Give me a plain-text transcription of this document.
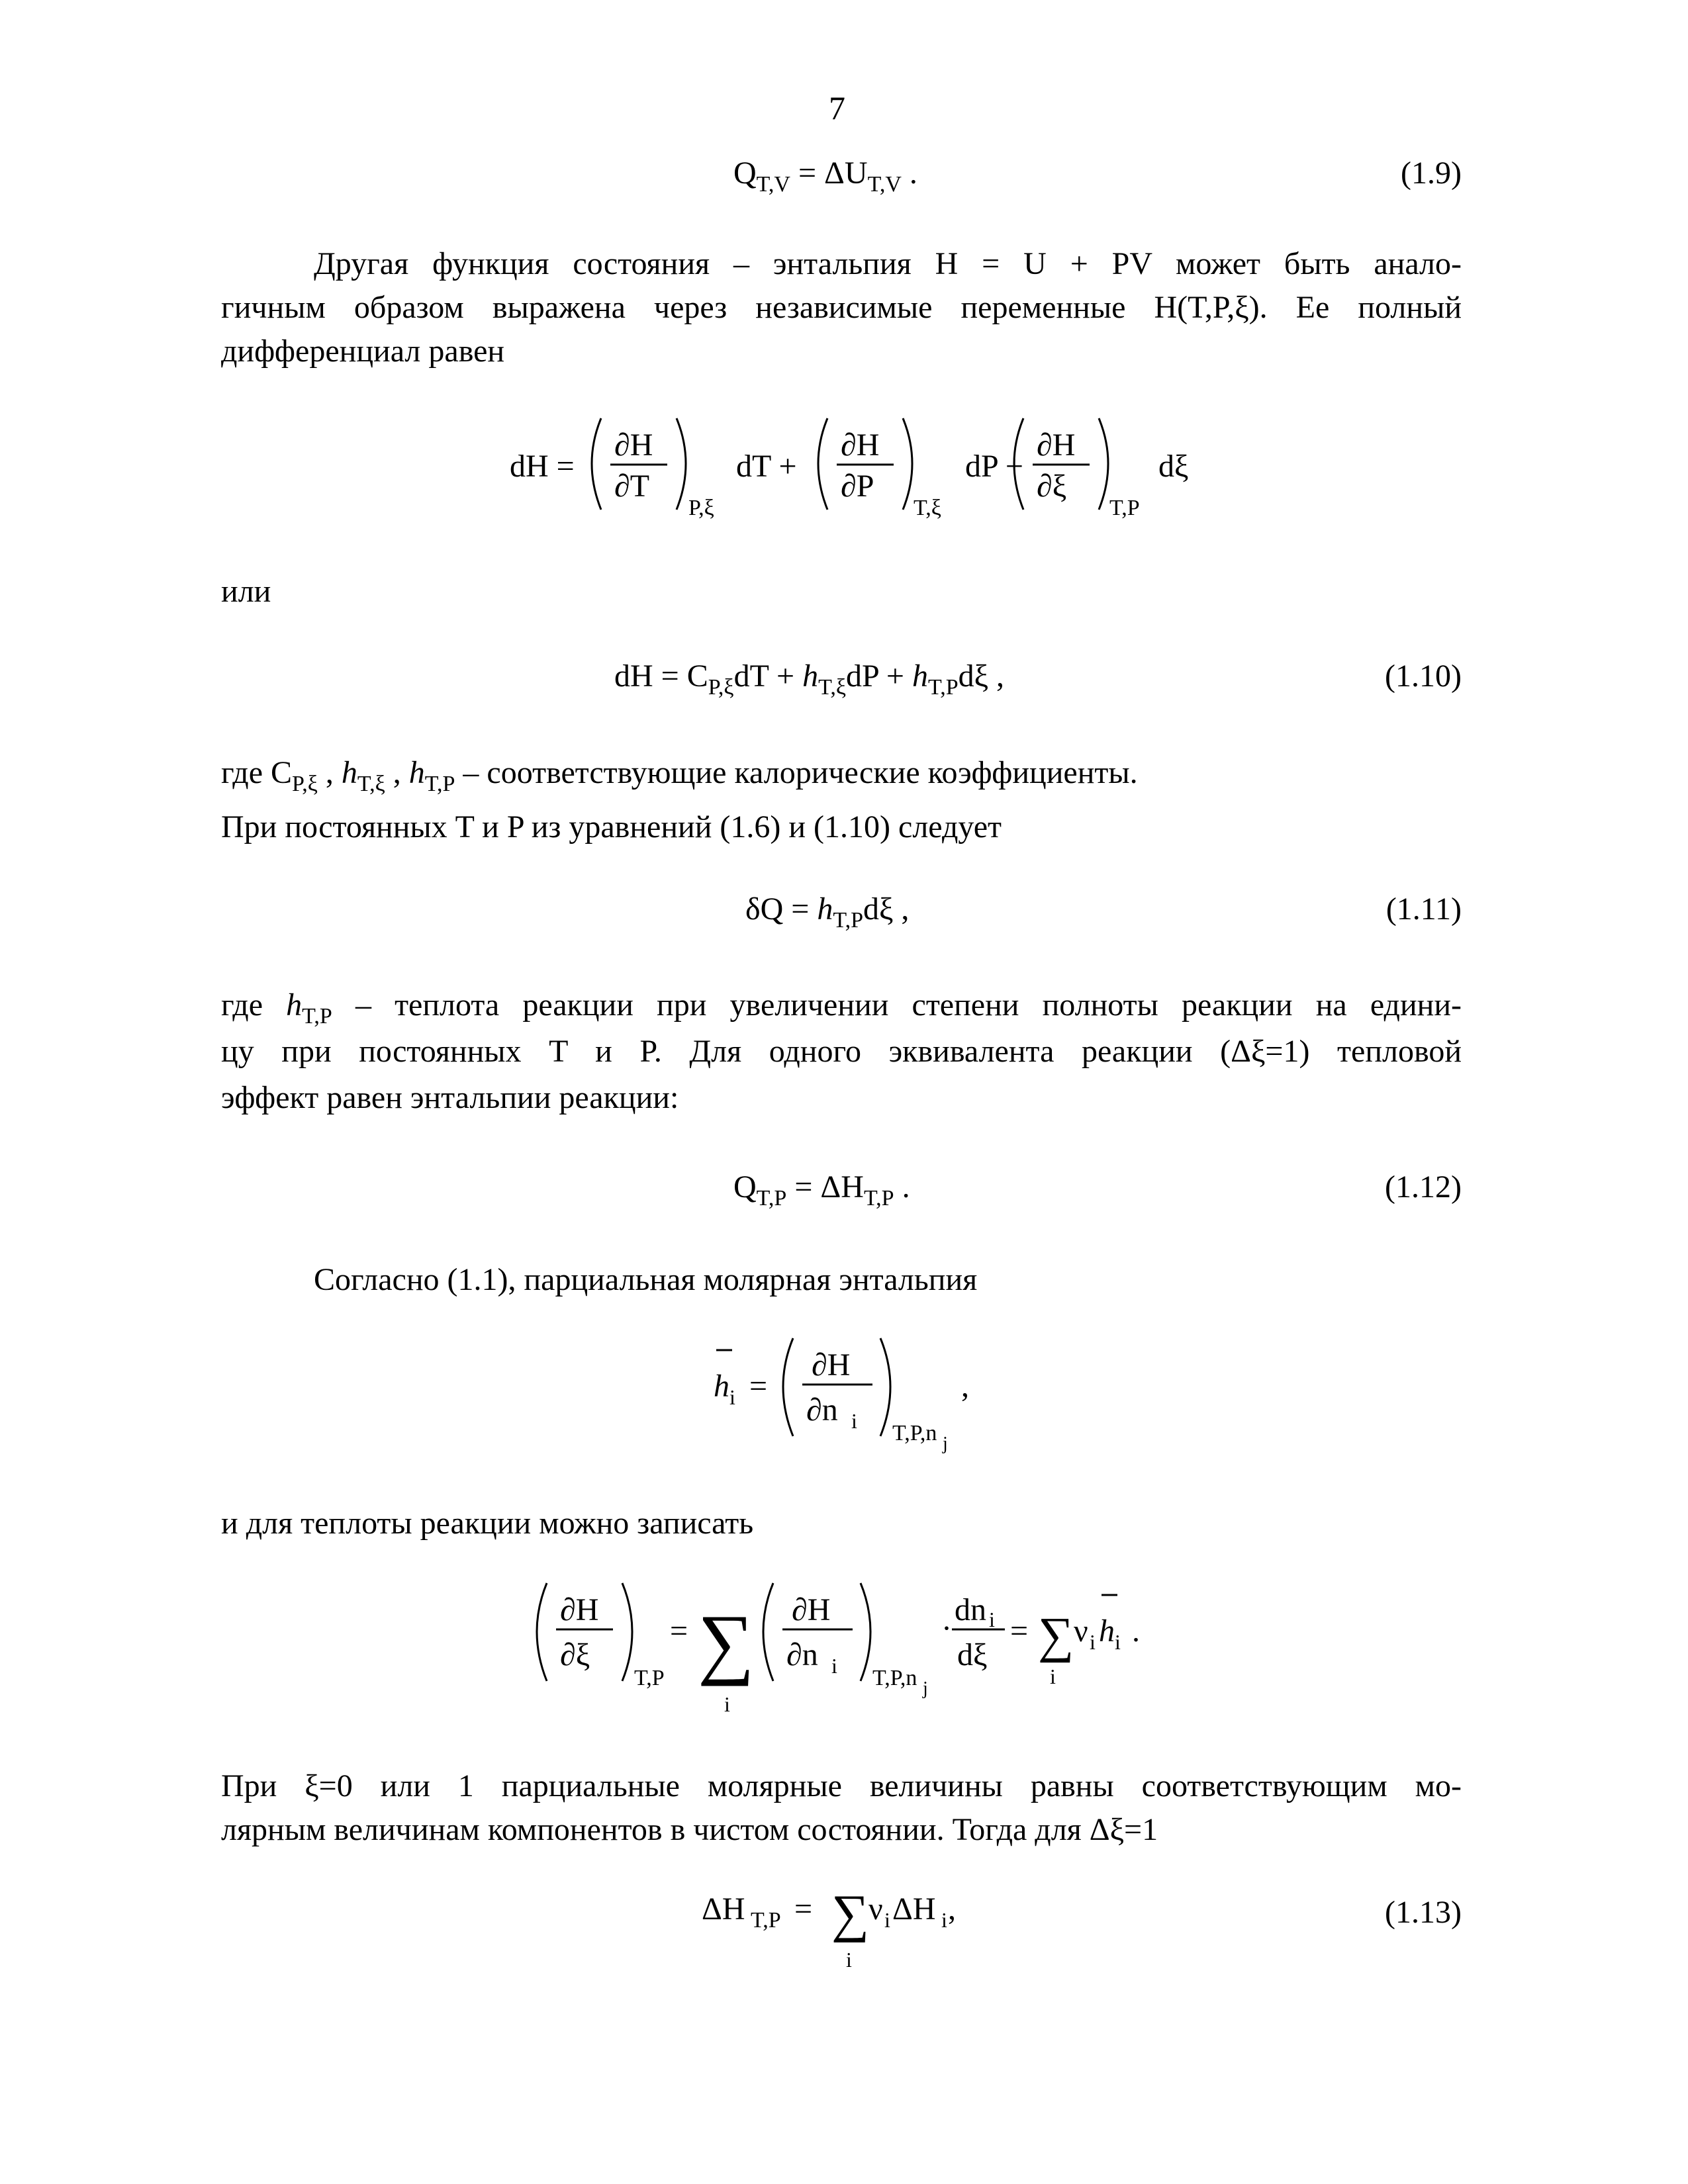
7
$Q_{T,V} = \Delta U_{T,V}$ .	(1.9)
Другая функция состояния – энтальпия H = U + PV может быть анало-
гичным образом выражена через независимые переменные H(T,P,ξ). Ее полный
дифференциал равен
dH =
∂H
∂T
P,ξ
dT +
∂H
∂P
T,ξ
dP +
∂H
∂ξ
T,P
dξ
или
dH = $C_{P,\xi}dT + h_{T,\xi}dP + h_{T,P}d\xi$ ,	(1.10)
где $C_{P,\xi}$ , $h_{T,\xi}$ , $h_{T,P}$ – соответствующие калорические коэффициенты.
При постоянных T и P из уравнений (1.6) и (1.10) следует
$\delta Q = h_{T,P}d\xi$ ,	(1.11)
где $h_{T,P}$ – теплота реакции при увеличении степени полноты реакции на едини-
цу при постоянных T и P. Для одного эквивалента реакции (Δξ=1) тепловой
эффект равен энтальпии реакции:
$Q_{T,P} = \Delta H_{T,P}$ .	(1.12)
Согласно (1.1), парциальная молярная энтальпия
h i =
∂H
∂n i T,P,n j
,
и для теплоты реакции можно записать
∂H
∂ξ
T,P
= ∑
i
∂H
∂n i T,P,n j
·
dn i
dξ
= ∑
i
ν i h i .
При ξ=0 или 1 парциальные молярные величины равны соответствующим мо-
лярным величинам компонентов в чистом состоянии. Тогда для Δξ=1
ΔH T,P = ∑
i
ν i ΔH i ,	(1.13)
